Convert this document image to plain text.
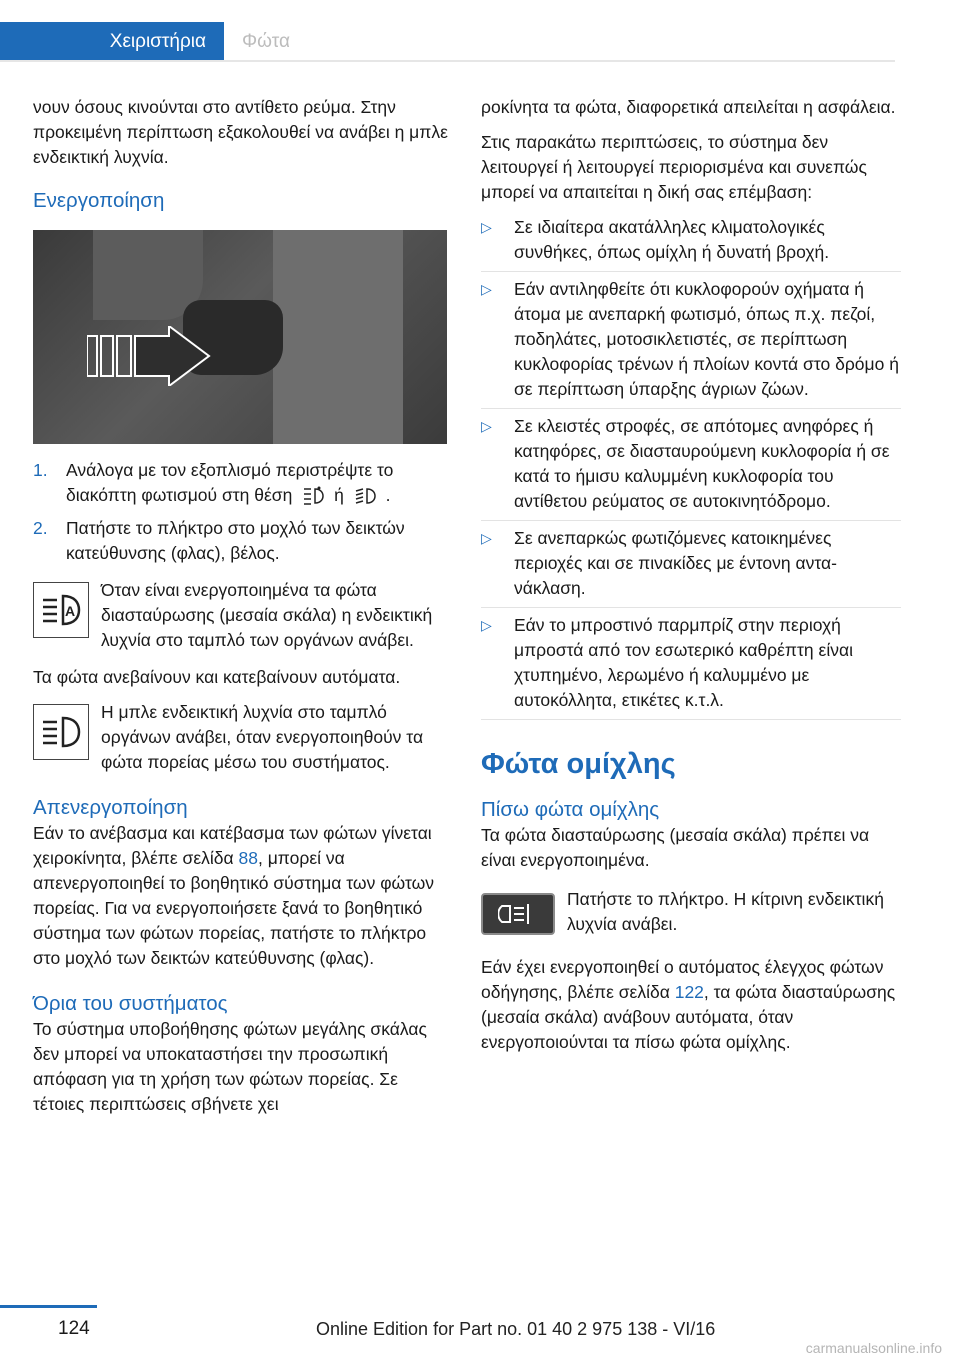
Χειριστήρια	Φώτα

νουν όσους κινούνται στο αντίθετο ρεύμα. Στην προκειμένη περίπτωση εξακολουθεί να ανάβει η μπλε ενδεικτική λυχνία.

Ενεργοποίηση
1. Ανάλογα με τον εξοπλισμό περιστρέψτε το διακόπτη φωτισμού στη θέση ή .
2. Πατήστε το πλήκτρο στο μοχλό των δεικτών κατεύθυνσης (φλας), βέλος.
A
Όταν είναι ενεργοποιημένα τα φώτα διασταύρωσης (μεσαία σκάλα) η ενδεικτική λυχνία στο ταμπλό των οργάνων ανάβει.

Τα φώτα ανεβαίνουν και κατεβαίνουν αυτόματα.

Η μπλε ενδεικτική λυχνία στο ταμπλό οργάνων ανάβει, όταν ενεργοποιηθούν τα φώτα πορείας μέσω του συστήματος.
Απενεργοποίηση

Εάν το ανέβασμα και κατέβασμα των φώτων γίνεται χειροκίνητα, βλέπε σελίδα 88, μπορεί να απενεργοποιηθεί το βοηθητικό σύστημα των φώτων πορείας. Για να ενεργοποιήσετε ξανά το βοηθητικό σύστημα των φώτων πορείας, πατήστε το πλήκτρο στο μοχλό των δεικτών κατεύθυνσης (φλας).

Όρια του συστήματος

Το σύστημα υποβοήθησης φώτων μεγάλης σκάλας δεν μπορεί να υποκαταστήσει την προσωπική απόφαση για τη χρήση των φώτων πορείας. Σε τέτοιες περιπτώσεις σβήνετε χει

ροκίνητα τα φώτα, διαφορετικά απειλείται η ασφάλεια.

Στις παρακάτω περιπτώσεις, το σύστημα δεν λειτουργεί ή λειτουργεί περιορισμένα και συνεπώς μπορεί να απαιτείται η δική σας επέμβαση:

▷ Σε ιδιαίτερα ακατάλληλες κλιματολογικές συνθήκες, όπως ομίχλη ή δυνατή βροχή.
▷ Εάν αντιληφθείτε ότι κυκλοφορούν οχήματα ή άτομα με ανεπαρκή φωτισμό, όπως π.χ. πεζοί, ποδηλάτες, μοτοσικλετιστές, σε περίπτωση κυκλοφορίας τρένων ή πλοίων κοντά στο δρόμο ή σε περίπτωση ύπαρξης άγριων ζώων.
▷ Σε κλειστές στροφές, σε απότομες ανηφόρες ή κατηφόρες, σε διασταυρούμενη κυκλοφορία ή σε κατά το ήμισυ καλυμμένη κυκλοφορία του αντίθετου ρεύματος σε αυτοκινητόδρομο.
▷ Σε ανεπαρκώς φωτιζόμενες κατοικημένες περιοχές και σε πινακίδες με έντονη αντανάκλαση.
▷ Εάν το μπροστινό παρμπρίζ στην περιοχή μπροστά από τον εσωτερικό καθρέπτη είναι χτυπημένο, λερωμένο ή καλυμμένο με αυτοκόλλητα, ετικέτες κ.τ.λ.
Φώτα ομίχλης
Πίσω φώτα ομίχλης

Τα φώτα διασταύρωσης (μεσαία σκάλα) πρέπει να είναι ενεργοποιημένα.

Πατήστε το πλήκτρο. Η κίτρινη ενδεικτική λυχνία ανάβει.

Εάν έχει ενεργοποιηθεί ο αυτόματος έλεγχος φώτων οδήγησης, βλέπε σελίδα 122, τα φώτα διασταύρωσης (μεσαία σκάλα) ανάβουν αυτόματα, όταν ενεργοποιούνται τα πίσω φώτα ομίχλης.

124	Online Edition for Part no. 01 40 2 975 138 - VI/16
carmanualsonline.info
